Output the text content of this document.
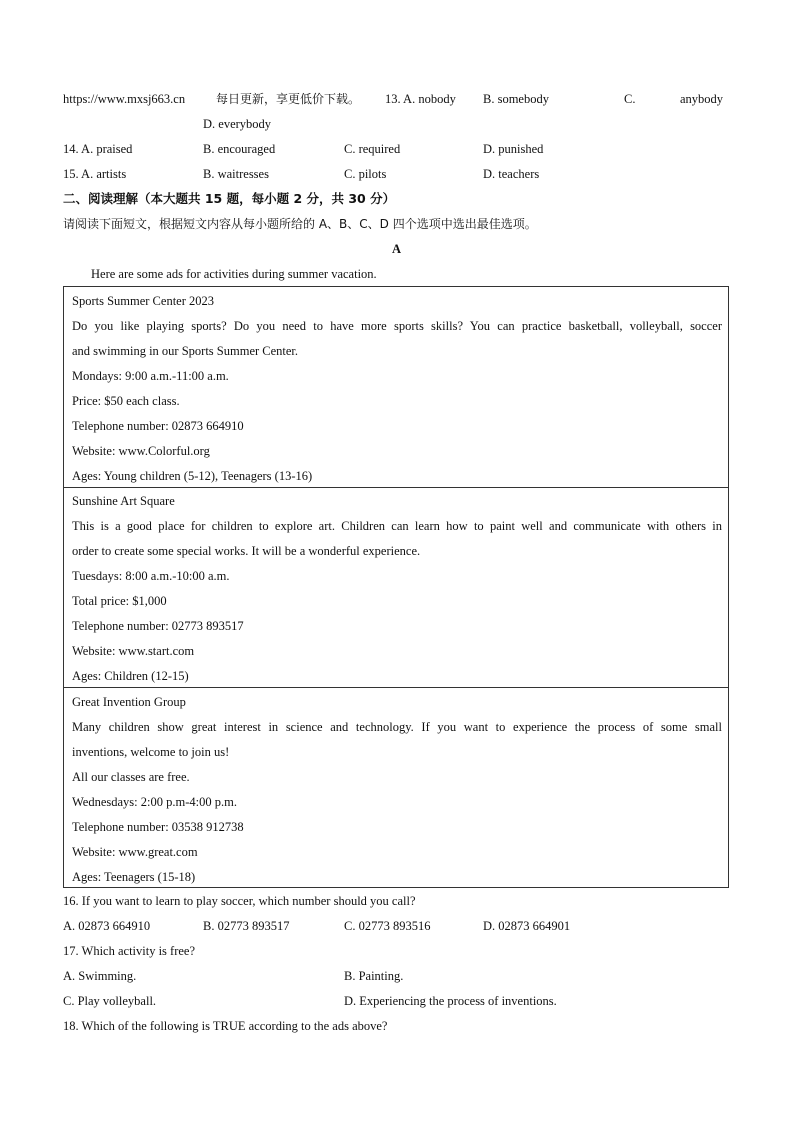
https://www.mxsj663.cn	每日更新，享更低价下载。 13. A. nobody B. somebody	C.	anybody
D. everybody
14. A. praised	B. encouraged	C. required	D. punished
15. A. artists	B. waitresses	C. pilots	D. teachers
二、阅读理解（本大题共 15 题，每小题 2 分，共 30 分）
请阅读下面短文，根据短文内容从每小题所给的 A、B、C、D 四个选项中选出最佳选项。
A
Here are some ads for activities during summer vacation.
Sports Summer Center 2023
Do you like playing sports? Do you need to have more sports skills? You can practice basketball, volleyball, soccer
and swimming in our Sports Summer Center.
Mondays: 9:00 a.m.-11:00 a.m.
Price: $50 each class.
Telephone number: 02873 664910
Website: www.Colorful.org
Ages: Young children (5-12), Teenagers (13-16)
Sunshine Art Square
This is a good place for children to explore art. Children can learn how to paint well and communicate with others in
order to create some special works. It will be a wonderful experience.
Tuesdays: 8:00 a.m.-10:00 a.m.
Total price: $1,000
Telephone number: 02773 893517
Website: www.start.com
Ages: Children (12-15)
Great Invention Group
Many children show great interest in science and technology. If you want to experience the process of some small
inventions, welcome to join us!
All our classes are free.
Wednesdays: 2:00 p.m-4:00 p.m.
Telephone number: 03538 912738
Website: www.great.com
Ages: Teenagers (15-18)
16. If you want to learn to play soccer, which number should you call?
A. 02873 664910	B. 02773 893517	C. 02773 893516	D. 02873 664901
17. Which activity is free?
A. Swimming.	B. Painting.
C. Play volleyball.	D. Experiencing the process of inventions.
18. Which of the following is TRUE according to the ads above?
